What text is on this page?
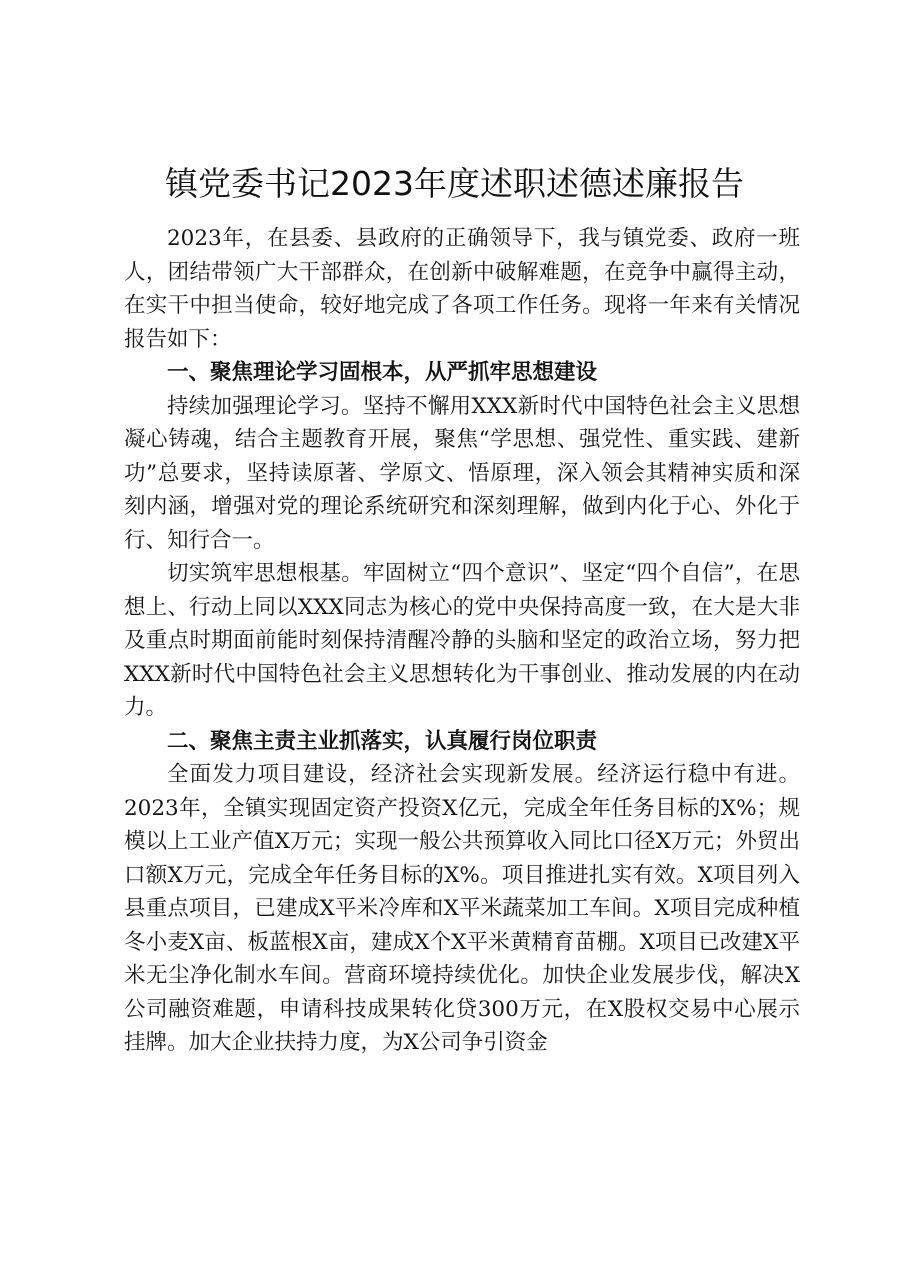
镇党委书记2023年度述职述德述廉报告

2023年，在县委、县政府的正确领导下，我与镇党委、政府一班人，团结带领广大干部群众，在创新中破解难题，在竞争中赢得主动，在实干中担当使命，较好地完成了各项工作任务。现将一年来有关情况报告如下：

一、聚焦理论学习固根本，从严抓牢思想建设

持续加强理论学习。坚持不懈用XXX新时代中国特色社会主义思想凝心铸魂，结合主题教育开展，聚焦“学思想、强党性、重实践、建新功”总要求，坚持读原著、学原文、悟原理，深入领会其精神实质和深刻内涵，增强对党的理论系统研究和深刻理解，做到内化于心、外化于行、知行合一。

切实筑牢思想根基。牢固树立“四个意识”、坚定“四个自信”，在思想上、行动上同以XXX同志为核心的党中央保持高度一致，在大是大非及重点时期面前能时刻保持清醒冷静的头脑和坚定的政治立场，努力把XXX新时代中国特色社会主义思想转化为干事创业、推动发展的内在动力。

二、聚焦主责主业抓落实，认真履行岗位职责

全面发力项目建设，经济社会实现新发展。经济运行稳中有进。2023年，全镇实现固定资产投资X亿元，完成全年任务目标的X%；规模以上工业产值X万元；实现一般公共预算收入同比口径X万元；外贸出口额X万元，完成全年任务目标的X%。项目推进扎实有效。X项目列入县重点项目，已建成X平米冷库和X平米蔬菜加工车间。X项目完成种植冬小麦X亩、板蓝根X亩，建成X个X平米黄精育苗棚。X项目已改建X平米无尘净化制水车间。营商环境持续优化。加快企业发展步伐，解决X公司融资难题，申请科技成果转化贷300万元，在X股权交易中心展示挂牌。加大企业扶持力度，为X公司争引资金
